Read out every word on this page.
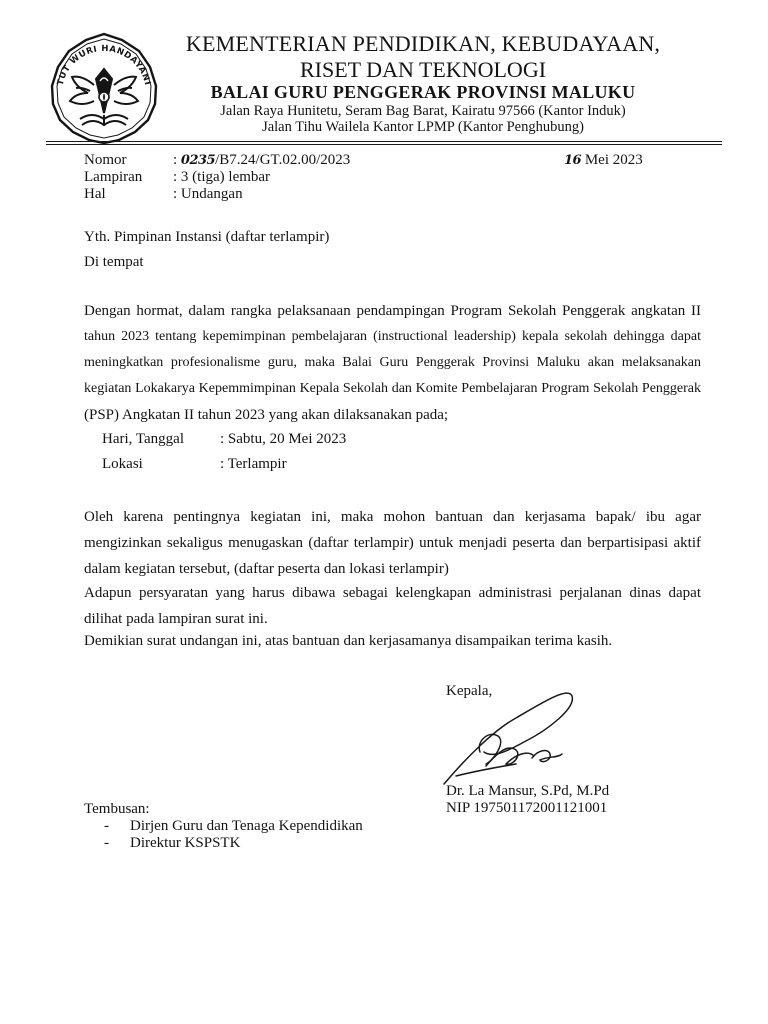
TUT WURI HANDAYANI
KEMENTERIAN PENDIDIKAN, KEBUDAYAAN,
RISET DAN TEKNOLOGI
BALAI GURU PENGGERAK PROVINSI MALUKU
Jalan Raya Hunitetu, Seram Bag Barat, Kairatu 97566 (Kantor Induk)
Jalan Tihu Wailela Kantor LPMP (Kantor Penghubung)
Nomor	: 0235/B7.24/GT.02.00/2023
Lampiran : 3 (tiga) lembar
Hal	: Undangan
16 Mei 2023
Yth. Pimpinan Instansi (daftar terlampir)
Di tempat
Dengan hormat, dalam rangka pelaksanaan pendampingan Program Sekolah Penggerak angkatan II
tahun 2023 tentang kepemimpinan pembelajaran (instructional leadership) kepala sekolah dehingga dapat
meningkatkan profesionalisme guru, maka Balai Guru Penggerak Provinsi Maluku akan melaksanakan
kegiatan Lokakarya Kepemmimpinan Kepala Sekolah dan Komite Pembelajaran Program Sekolah Penggerak
(PSP) Angkatan II tahun 2023 yang akan dilaksanakan pada;
Hari, Tanggal : Sabtu, 20 Mei 2023
Lokasi	: Terlampir
Oleh karena pentingnya kegiatan ini, maka mohon bantuan dan kerjasama bapak/ ibu agar
mengizinkan sekaligus menugaskan (daftar terlampir) untuk menjadi peserta dan berpartisipasi aktif
dalam kegiatan tersebut, (daftar peserta dan lokasi terlampir)
Adapun persyaratan yang harus dibawa sebagai kelengkapan administrasi perjalanan dinas dapat
dilihat pada lampiran surat ini.
Demikian surat undangan ini, atas bantuan dan kerjasamanya disampaikan terima kasih.
Kepala,
Dr. La Mansur, S.Pd, M.Pd
NIP 197501172001121001
Tembusan:
- Dirjen Guru dan Tenaga Kependidikan
- Direktur KSPSTK
